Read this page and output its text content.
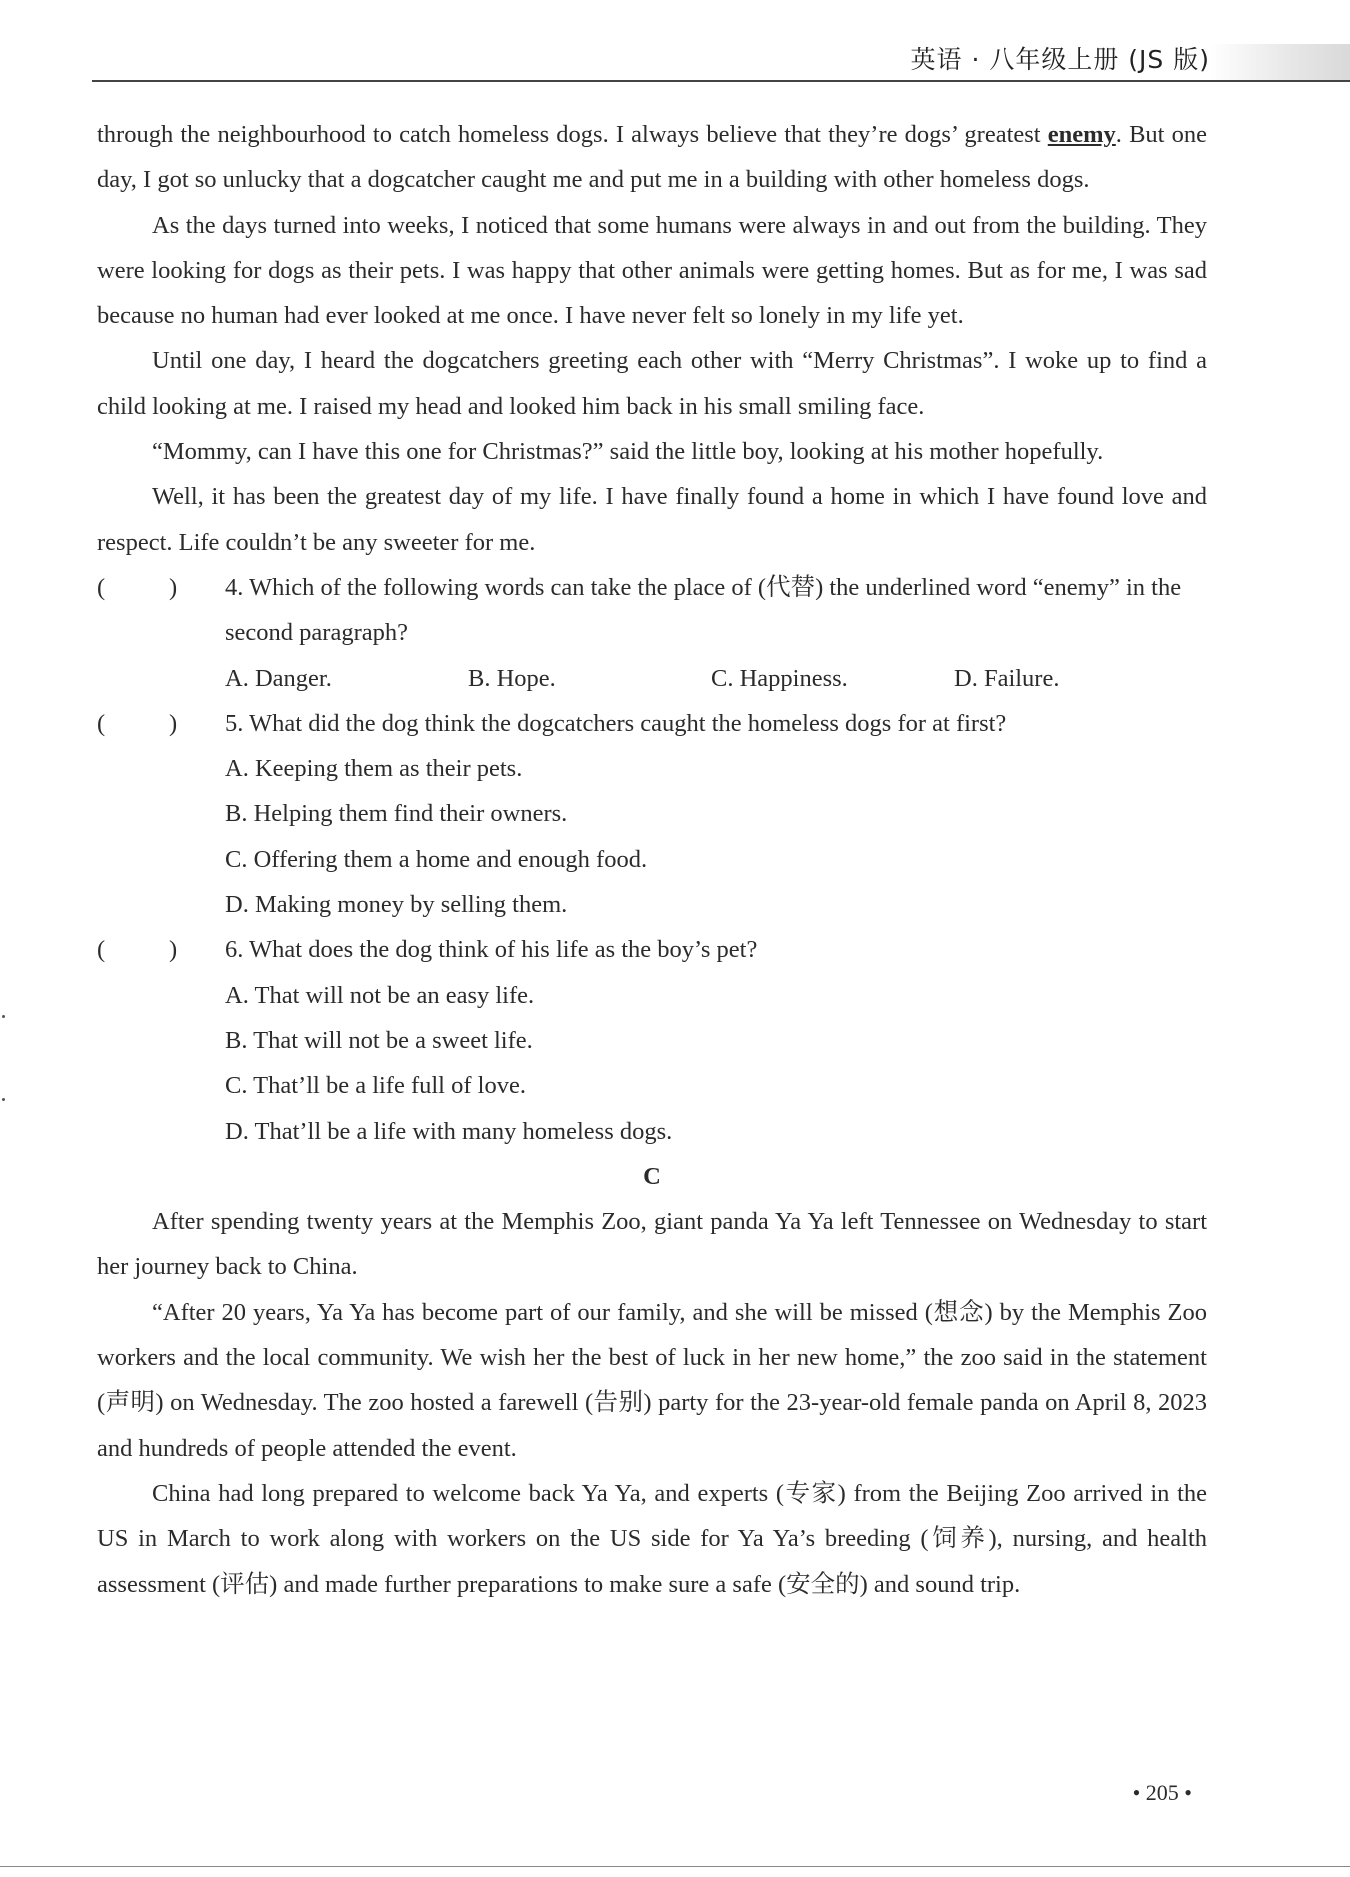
英语 · 八年级上册 (JS 版)

through the neighbourhood to catch homeless dogs. I always believe that they’re dogs’ greatest enemy. But one day, I got so unlucky that a dogcatcher caught me and put me in a building with other homeless dogs.

As the days turned into weeks, I noticed that some humans were always in and out from the building. They were looking for dogs as their pets. I was happy that other animals were getting homes. But as for me, I was sad because no human had ever looked at me once. I have never felt so lonely in my life yet.

Until one day, I heard the dogcatchers greeting each other with “Merry Christmas”. I woke up to find a child looking at me. I raised my head and looked him back in his small smiling face.

“Mommy, can I have this one for Christmas?” said the little boy, looking at his mother hopefully.

Well, it has been the greatest day of my life. I have finally found a home in which I have found love and respect. Life couldn’t be any sweeter for me.

(	) 4. Which of the following words can take the place of (代替) the underlined word “enemy” in the second paragraph?
A. Danger.	B. Hope.	C. Happiness.	D. Failure.
(	) 5. What did the dog think the dogcatchers caught the homeless dogs for at first?

A. Keeping them as their pets.

B. Helping them find their owners.

C. Offering them a home and enough food.

D. Making money by selling them.

(	) 6. What does the dog think of his life as the boy’s pet?

A. That will not be an easy life.

B. That will not be a sweet life.

C. That’ll be a life full of love.

D. That’ll be a life with many homeless dogs.

C

After spending twenty years at the Memphis Zoo, giant panda Ya Ya left Tennessee on Wednesday to start her journey back to China.

“After 20 years, Ya Ya has become part of our family, and she will be missed (想念) by the Memphis Zoo workers and the local community. We wish her the best of luck in her new home,” the zoo said in the statement (声明) on Wednesday. The zoo hosted a farewell (告别) party for the 23-year-old female panda on April 8, 2023 and hundreds of people attended the event.

China had long prepared to welcome back Ya Ya, and experts (专家) from the Beijing Zoo arrived in the US in March to work along with workers on the US side for Ya Ya’s breeding (饲养), nursing, and health assessment (评估) and made further preparations to make sure a safe (安全的) and sound trip.

• 205 •
